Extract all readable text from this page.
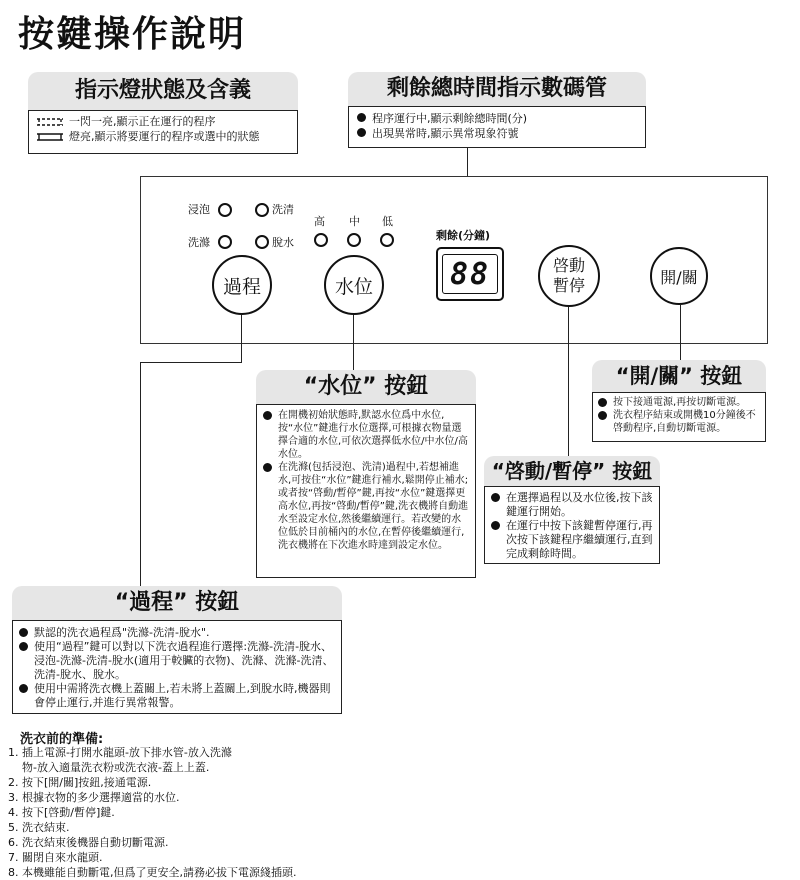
按鍵操作說明
指示燈狀態及含義
一閃一亮,顯示正在運行的程序
燈亮,顯示將要運行的程序或選中的狀態
剩餘總時間指示數碼管
程序運行中,顯示剩餘總時間(分)
出現異常時,顯示異常現象符號
浸泡	洗清
高 中 低
洗滌	脫水
剩餘(分鐘)
88
過程	水位
啓動
暫停	開/關
“水位” 按鈕
在開機初始狀態時,默認水位爲中水位,按“水位”鍵進行水位選擇,可根據衣物量選擇合適的水位,可依次選擇低水位/中水位/高水位。
在洗滌(包括浸泡、洗清)過程中,若想補進水,可按住“水位”鍵進行補水,鬆開停止補水;或者按“啓動/暫停”鍵,再按“水位”鍵選擇更高水位,再按“啓動/暫停”鍵,洗衣機將自動進水至設定水位,然後繼續運行。若改變的水位低於目前桶內的水位,在暫停後繼續運行,洗衣機將在下次進水時達到設定水位。
“開/關” 按鈕
按下接通電源,再按切斷電源。
洗衣程序結束或開機10分鐘後不啓動程序,自動切斷電源。
“啓動/暫停” 按鈕
在選擇過程以及水位後,按下該鍵運行開始。
在運行中按下該鍵暫停運行,再次按下該鍵程序繼續運行,直到完成剩餘時間。
“過程” 按鈕
默認的洗衣過程爲"洗滌-洗清-脫水".
使用“過程”鍵可以對以下洗衣過程進行選擇:洗滌-洗清-脫水、浸泡-洗滌-洗清-脫水(適用于較臟的衣物)、洗滌、洗滌-洗清、洗清-脫水、脫水。
使用中需將洗衣機上蓋關上,若未將上蓋關上,到脫水時,機器則會停止運行,并進行異常報警。
洗衣前的準備:
1. 插上電源-打開水龍頭-放下排水管-放入洗滌
物-放入適量洗衣粉或洗衣液-蓋上上蓋.
2. 按下[開/關]按鈕,接通電源.
3. 根據衣物的多少選擇適當的水位.
4. 按下[啓動/暫停]鍵.
5. 洗衣結束.
6. 洗衣結束後機器自動切斷電源.
7. 關閉自來水龍頭.
8. 本機雖能自動斷電,但爲了更安全,請務必拔下電源綫插頭.
